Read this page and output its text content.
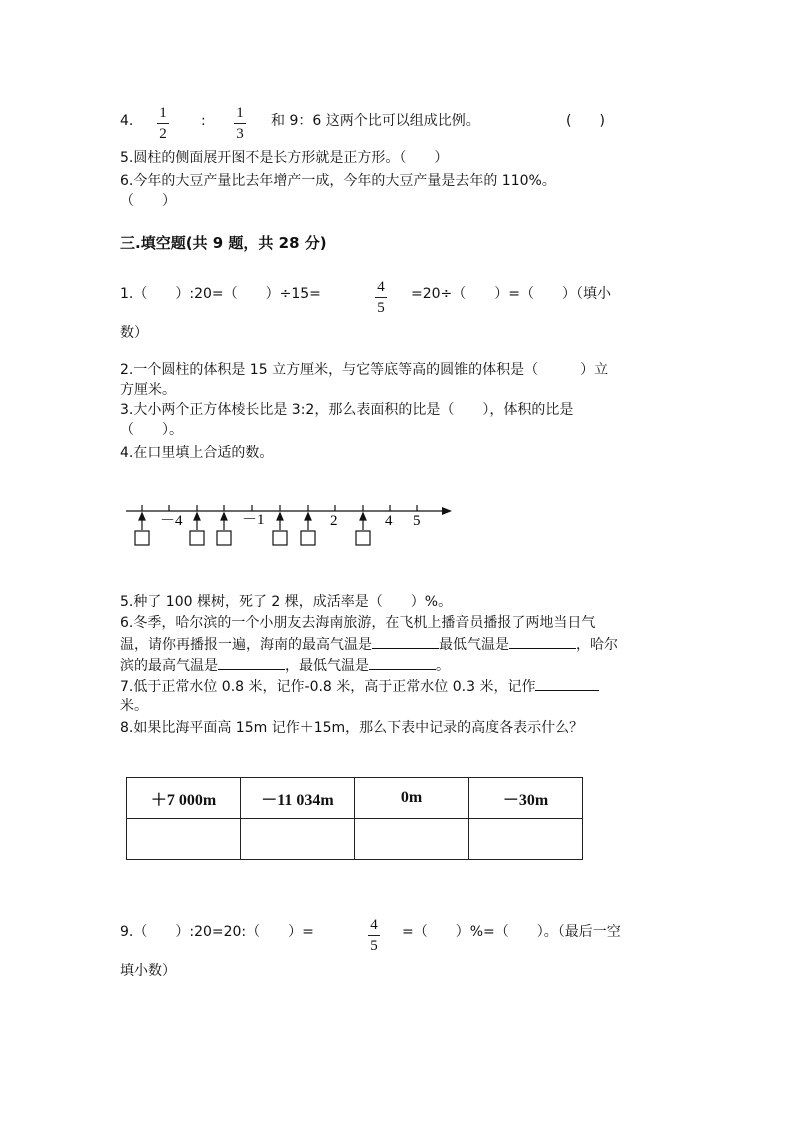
4. 1
2
: 1
3
和 9：6 这两个比可以组成比例。	(　　)
5.圆柱的侧面展开图不是长方形就是正方形。（　　）
6.今年的大豆产量比去年增产一成，今年的大豆产量是去年的 110%。
（　　）
三.填空题(共 9 题，共 28 分)
1.（　　）:20=（　　）÷15=	4
5
=20÷（　　）=（　　）（填小
数）
2.一个圆柱的体积是 15 立方厘米，与它等底等高的圆锥的体积是（　　　）立
方厘米。
3.大小两个正方体棱长比是 3:2，那么表面积的比是（　　），体积的比是
（　　）。
4.在口里填上合适的数。
－4	－1	2	4 5
5.种了 100 棵树，死了 2 棵，成活率是（　　）%。
6.冬季，哈尔滨的一个小朋友去海南旅游，在飞机上播音员播报了两地当日气
温，请你再播报一遍，海南的最高气温是	最低气温是	，哈尔
滨的最高气温是	，最低气温是	。
7.低于正常水位 0.8 米，记作-0.8 米，高于正常水位 0.3 米，记作
米。
8.如果比海平面高 15m 记作＋15m，那么下表中记录的高度各表示什么？
＋7 000m	－11 034m	0m	－30m

9.（　　）:20=20:（　　）=	4
5
=（　　）%=（　　）。（最后一空
填小数）
